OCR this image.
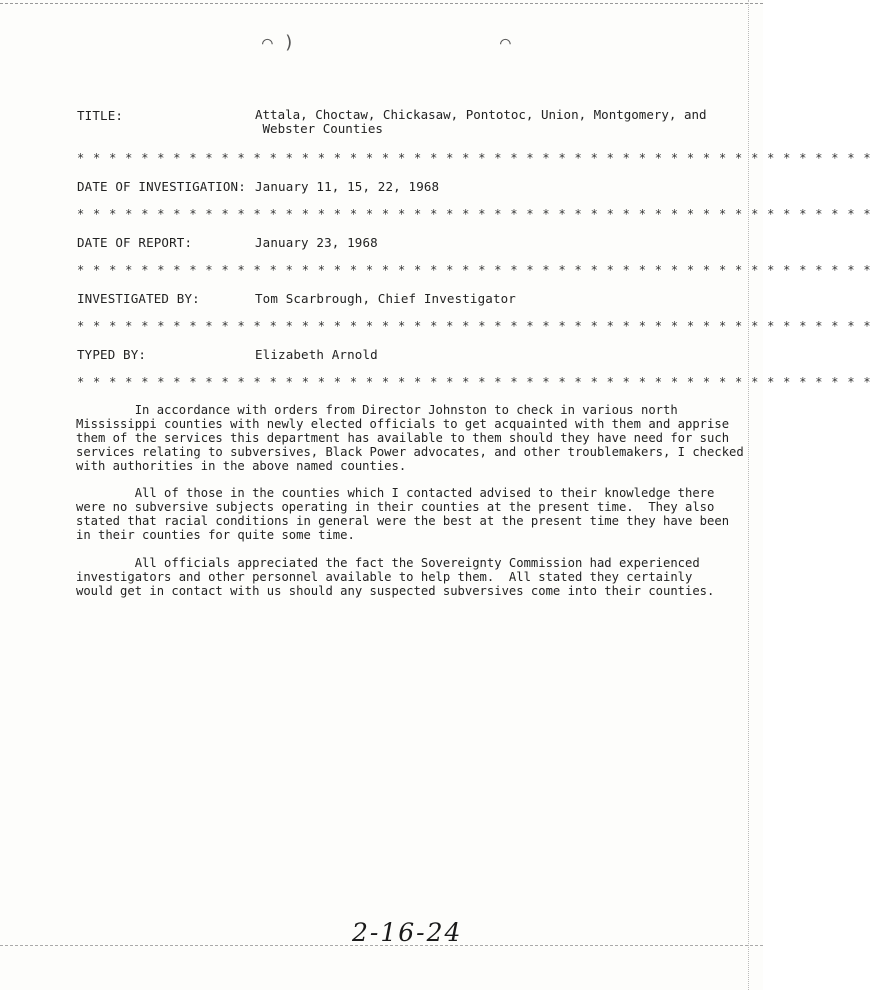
⌒ )	⌒
TITLE:	Attala, Choctaw, Chickasaw, Pontotoc, Union, Montgomery, and
Webster Counties
* * * * * * * * * * * * * * * * * * * * * * * * * * * * * * * * * * * * * * * * * * * * * * * * * *
DATE OF INVESTIGATION: January 11, 15, 22, 1968
* * * * * * * * * * * * * * * * * * * * * * * * * * * * * * * * * * * * * * * * * * * * * * * * * *
DATE OF REPORT:	January 23, 1968
* * * * * * * * * * * * * * * * * * * * * * * * * * * * * * * * * * * * * * * * * * * * * * * * * *
INVESTIGATED BY:	Tom Scarbrough, Chief Investigator
* * * * * * * * * * * * * * * * * * * * * * * * * * * * * * * * * * * * * * * * * * * * * * * * * *
TYPED BY:	Elizabeth Arnold
* * * * * * * * * * * * * * * * * * * * * * * * * * * * * * * * * * * * * * * * * * * * * * * * * *
In accordance with orders from Director Johnston to check in various north
Mississippi counties with newly elected officials to get acquainted with them and apprise
them of the services this department has available to them should they have need for such
services relating to subversives, Black Power advocates, and other troublemakers, I checked
with authorities in the above named counties.
All of those in the counties which I contacted advised to their knowledge there
were no subversive subjects operating in their counties at the present time.  They also
stated that racial conditions in general were the best at the present time they have been
in their counties for quite some time.
All officials appreciated the fact the Sovereignty Commission had experienced
investigators and other personnel available to help them.  All stated they certainly
would get in contact with us should any suspected subversives come into their counties.
2-16-24
